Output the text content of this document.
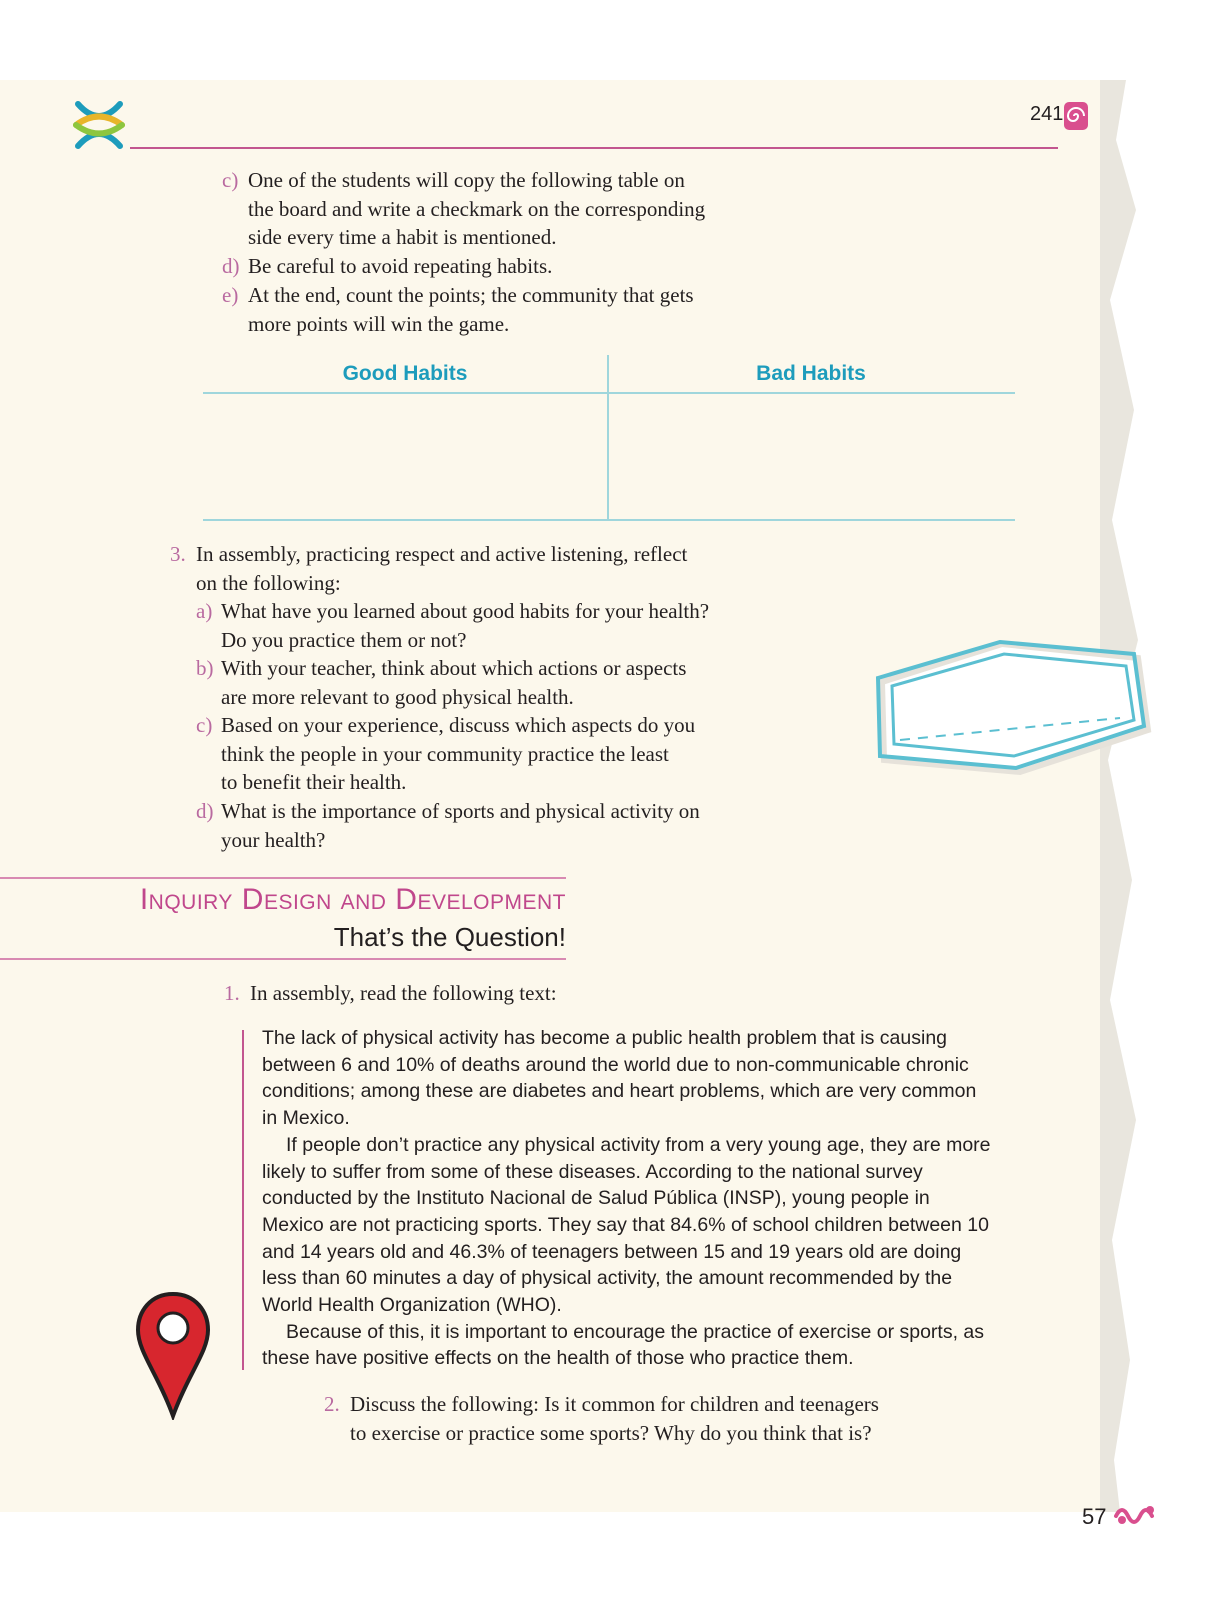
241
c) One of the students will copy the following table on
the board and write a checkmark on the corresponding
side every time a habit is mentioned.
d) Be careful to avoid repeating habits.
e) At the end, count the points; the community that gets
more points will win the game.
Good Habits	Bad Habits
3. In assembly, practicing respect and active listening, reflect
on the following:
a) What have you learned about good habits for your health?
Do you practice them or not?
b) With your teacher, think about which actions or aspects
are more relevant to good physical health.
c) Based on your experience, discuss which aspects do you
think the people in your community practice the least
to benefit their health.
d) What is the importance of sports and physical activity on
your health?
Inquiry Design and Development
That’s the Question!
1. In assembly, read the following text:

The lack of physical activity has become a public health problem that is causing between 6 and 10% of deaths around the world due to non-communicable chronic conditions; among these are diabetes and heart problems, which are very common in Mexico.

If people don’t practice any physical activity from a very young age, they are more likely to suffer from some of these diseases. According to the national survey conducted by the Instituto Nacional de Salud Pública (INSP), young people in Mexico are not practicing sports. They say that 84.6% of school children between 10 and 14 years old and 46.3% of teenagers between 15 and 19 years old are doing less than 60 minutes a day of physical activity, the amount recommended by the World Health Organization (WHO).

Because of this, it is important to encourage the practice of exercise or sports, as these have positive effects on the health of those who practice them.

2. Discuss the following: Is it common for children and teenagers
to exercise or practice some sports? Why do you think that is?
57
